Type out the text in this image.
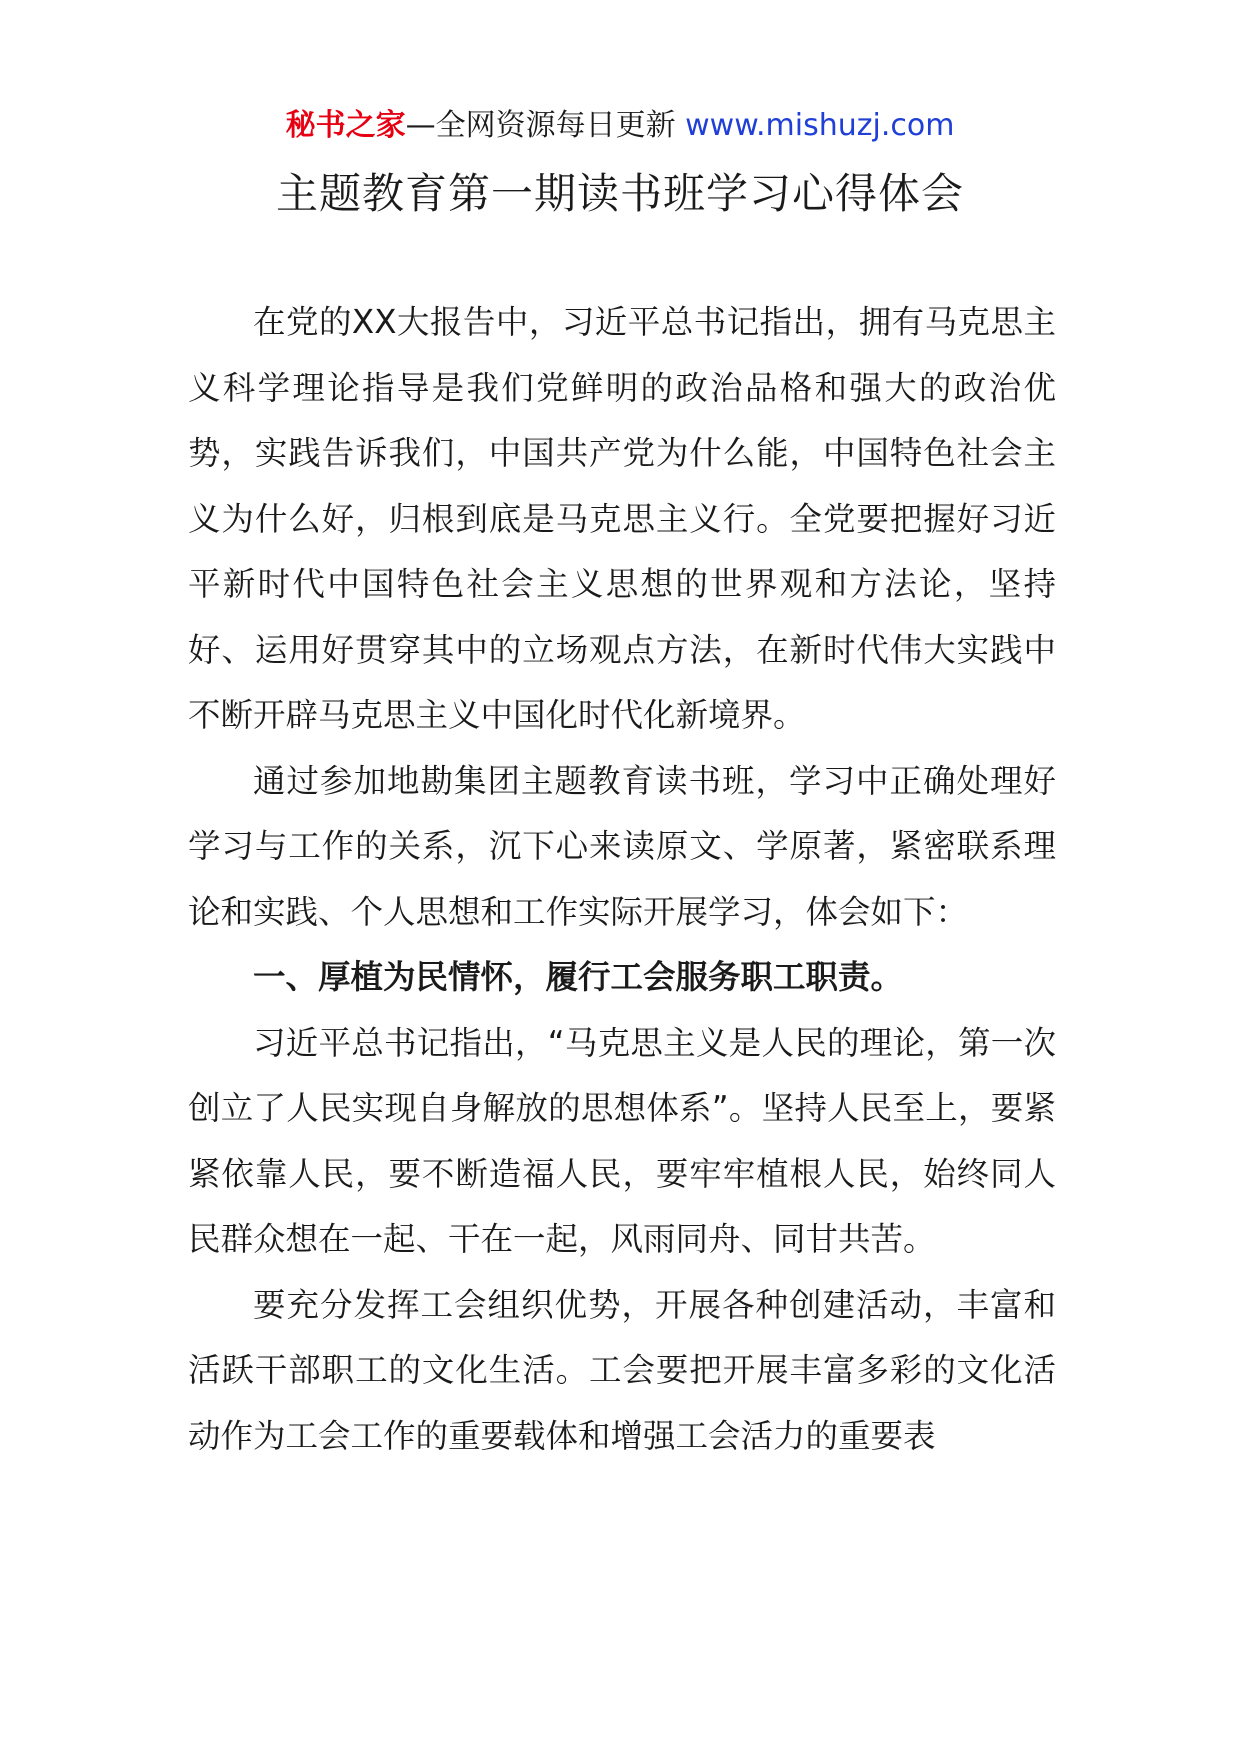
秘书之家—全网资源每日更新 www.mishuzj.com
主题教育第一期读书班学习心得体会

在党的XX大报告中，习近平总书记指出，拥有马克思主义科学理论指导是我们党鲜明的政治品格和强大的政治优势，实践告诉我们，中国共产党为什么能，中国特色社会主义为什么好，归根到底是马克思主义行。全党要把握好习近平新时代中国特色社会主义思想的世界观和方法论，坚持好、运用好贯穿其中的立场观点方法，在新时代伟大实践中不断开辟马克思主义中国化时代化新境界。

通过参加地勘集团主题教育读书班，学习中正确处理好学习与工作的关系，沉下心来读原文、学原著，紧密联系理论和实践、个人思想和工作实际开展学习，体会如下：

一、厚植为民情怀，履行工会服务职工职责。

习近平总书记指出，“马克思主义是人民的理论，第一次创立了人民实现自身解放的思想体系”。坚持人民至上，要紧紧依靠人民，要不断造福人民，要牢牢植根人民，始终同人民群众想在一起、干在一起，风雨同舟、同甘共苦。

要充分发挥工会组织优势，开展各种创建活动，丰富和活跃干部职工的文化生活。工会要把开展丰富多彩的文化活动作为工会工作的重要载体和增强工会活力的重要表
